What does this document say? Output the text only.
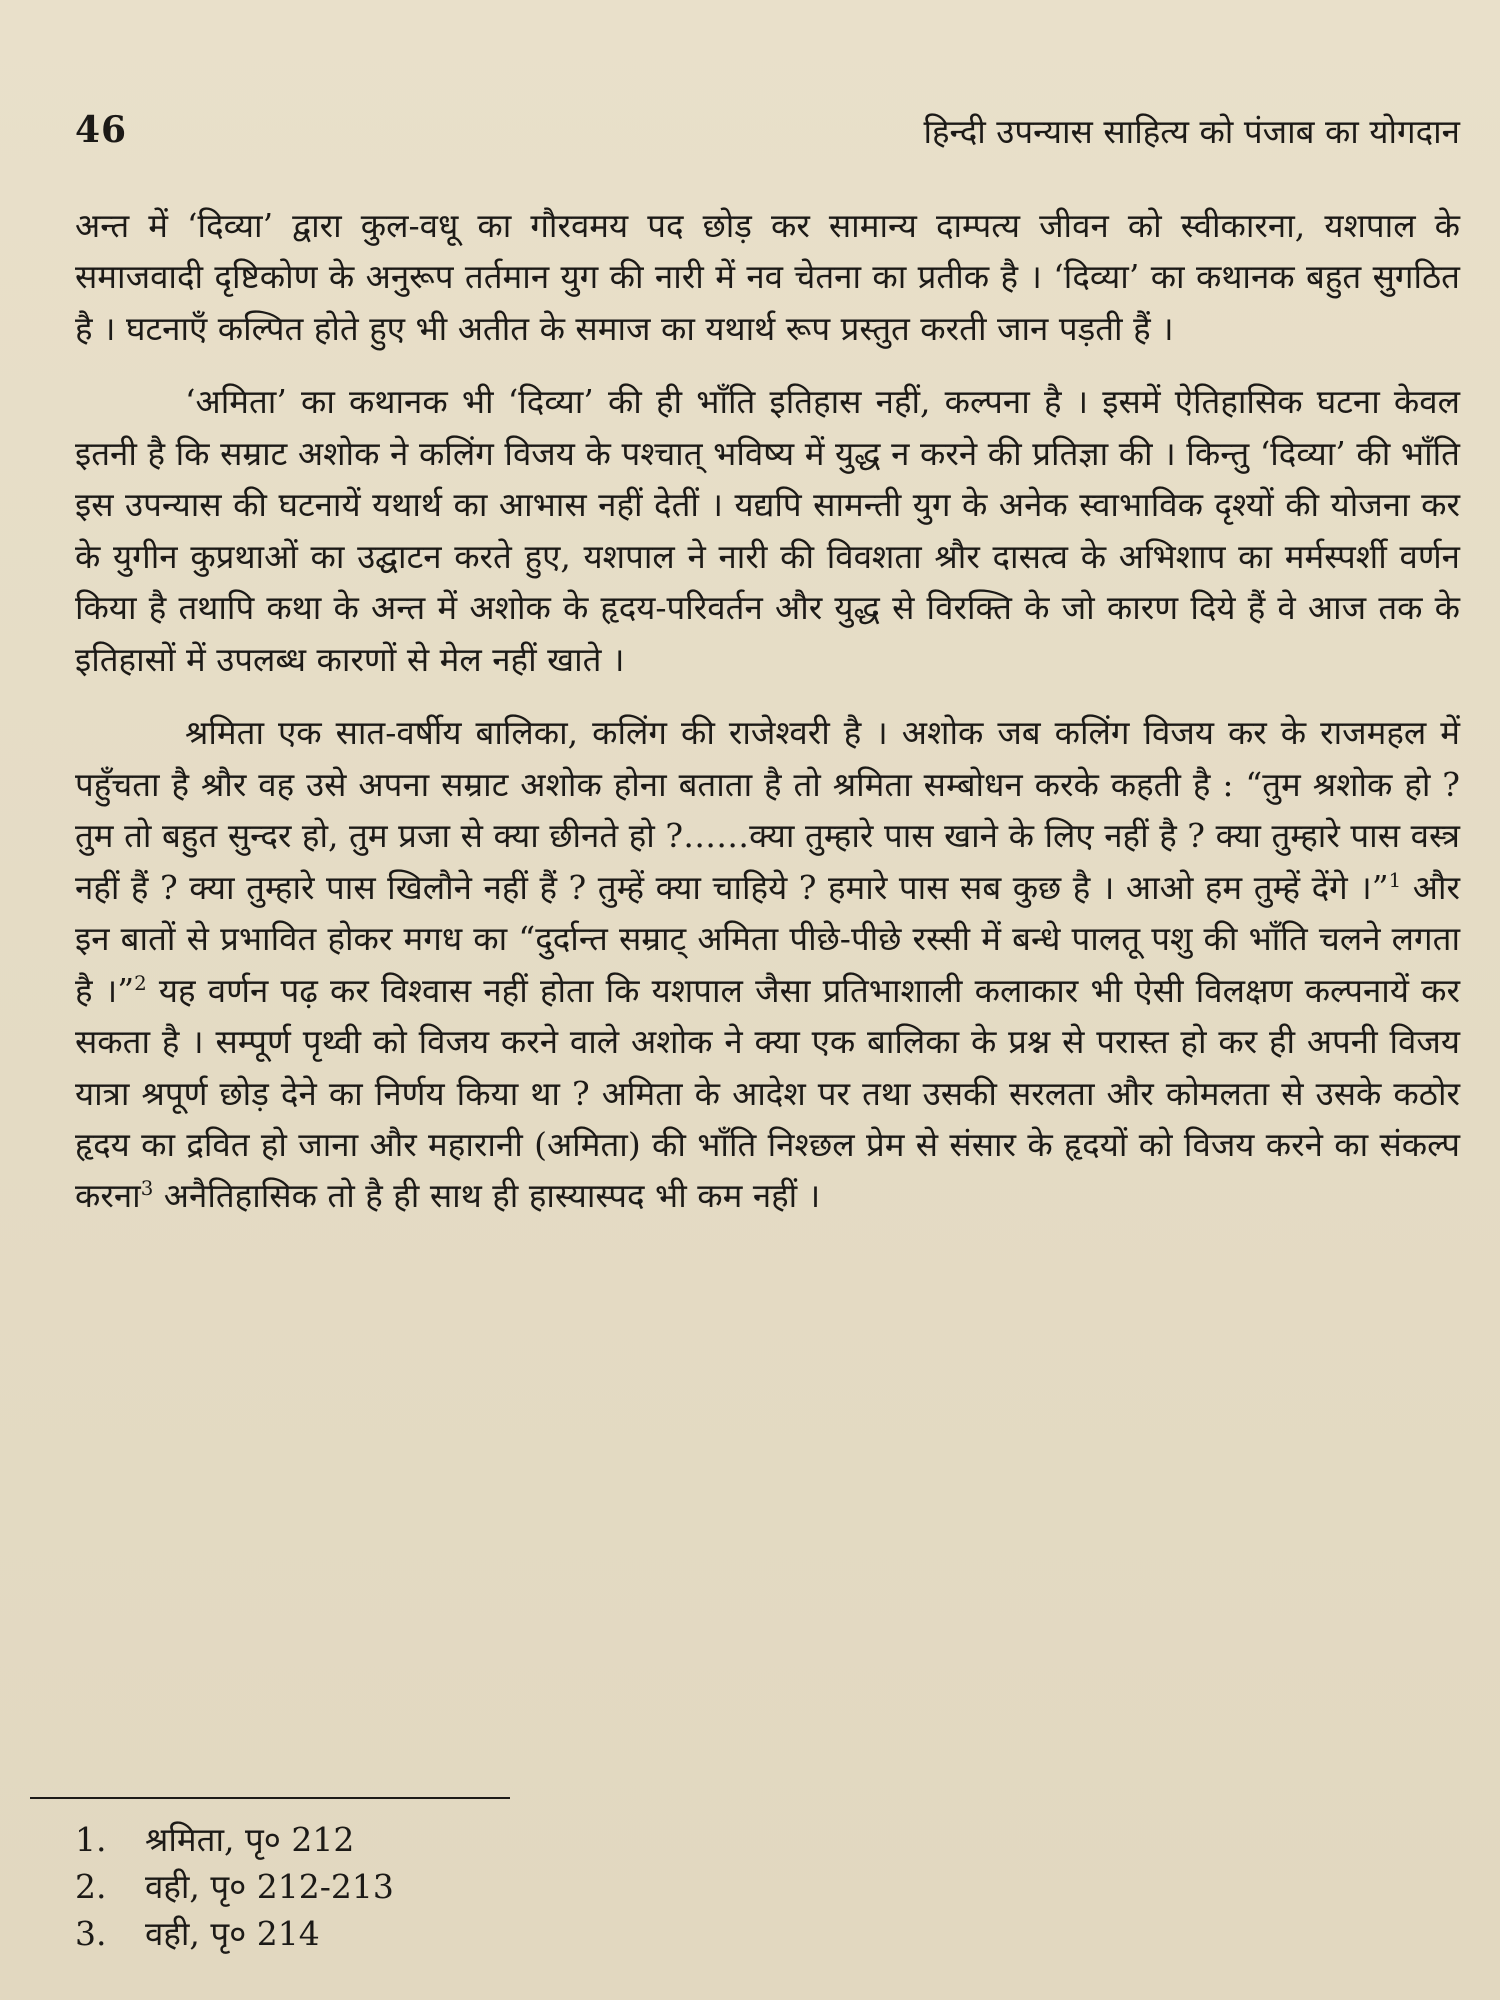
46	हिन्दी उपन्यास साहित्य को पंजाब का योगदान

अन्त में ‘दिव्या’ द्वारा कुल-वधू का गौरवमय पद छोड़ कर सामान्य दाम्पत्य जीवन को स्वीकारना, यशपाल के समाजवादी दृष्टिकोण के अनुरूप तर्तमान युग की नारी में नव चेतना का प्रतीक है । ‘दिव्या’ का कथानक बहुत सुगठित है । घटनाएँ कल्पित होते हुए भी अतीत के समाज का यथार्थ रूप प्रस्तुत करती जान पड़ती हैं ।

‘अमिता’ का कथानक भी ‘दिव्या’ की ही भाँति इतिहास नहीं, कल्पना है । इसमें ऐतिहासिक घटना केवल इतनी है कि सम्राट अशोक ने कलिंग विजय के पश्चात् भविष्य में युद्ध न करने की प्रतिज्ञा की । किन्तु ‘दिव्या’ की भाँति इस उपन्यास की घटनायें यथार्थ का आभास नहीं देतीं । यद्यपि सामन्ती युग के अनेक स्वाभाविक दृश्यों की योजना कर के युगीन कुप्रथाओं का उद्घाटन करते हुए, यशपाल ने नारी की विवशता श्रौर दासत्व के अभिशाप का मर्मस्पर्शी वर्णन किया है तथापि कथा के अन्त में अशोक के हृदय-परिवर्तन और युद्ध से विरक्ति के जो कारण दिये हैं वे आज तक के इतिहासों में उपलब्ध कारणों से मेल नहीं खाते ।

श्रमिता एक सात-वर्षीय बालिका, कलिंग की राजेश्वरी है । अशोक जब कलिंग विजय कर के राजमहल में पहुँचता है श्रौर वह उसे अपना सम्राट अशोक होना बताता है तो श्रमिता सम्बोधन करके कहती है : “तुम श्रशोक हो ? तुम तो बहुत सुन्दर हो, तुम प्रजा से क्या छीनते हो ?……क्या तुम्हारे पास खाने के लिए नहीं है ? क्या तुम्हारे पास वस्त्र नहीं हैं ? क्या तुम्हारे पास खिलौने नहीं हैं ? तुम्हें क्या चाहिये ? हमारे पास सब कुछ है । आओ हम तुम्हें देंगे ।”$^1$ और इन बातों से प्रभावित होकर मगध का “दुर्दान्त सम्राट् अमिता पीछे-पीछे रस्सी में बन्धे पालतू पशु की भाँति चलने लगता है ।”$^2$ यह वर्णन पढ़ कर विश्वास नहीं होता कि यशपाल जैसा प्रतिभाशाली कलाकार भी ऐसी विलक्षण कल्पनायें कर सकता है । सम्पूर्ण पृथ्वी को विजय करने वाले अशोक ने क्या एक बालिका के प्रश्न से परास्त हो कर ही अपनी विजय यात्रा श्रपूर्ण छोड़ देने का निर्णय किया था ? अमिता के आदेश पर तथा उसकी सरलता और कोमलता से उसके कठोर हृदय का द्रवित हो जाना और महारानी (अमिता) की भाँति निश्छल प्रेम से संसार के हृदयों को विजय करने का संकल्प करना$^3$ अनैतिहासिक तो है ही साथ ही हास्यास्पद भी कम नहीं ।

1. श्रमिता, पृ० 212
2. वही, पृ० 212-213
3. वही, पृ० 214
